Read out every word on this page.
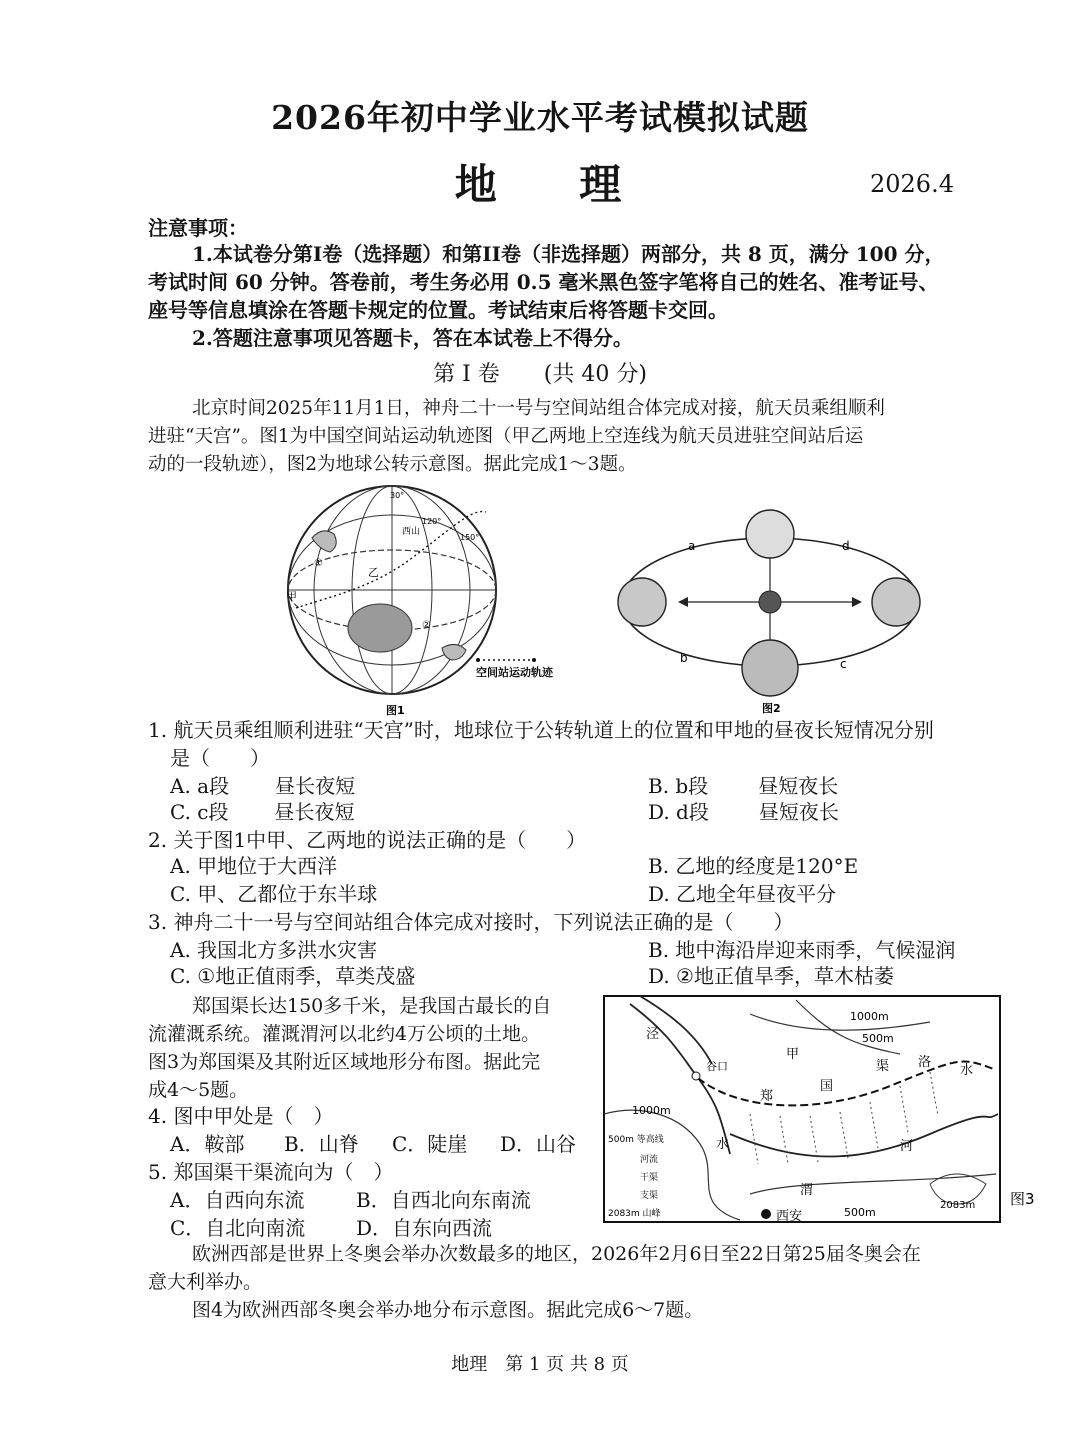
2026年初中学业水平考试模拟试题
地 理	2026.4
注意事项：
1.本试卷分第I卷（选择题）和第II卷（非选择题）两部分，共 8 页，满分 100 分，
考试时间 60 分钟。答卷前，考生务必用 0.5 毫米黑色签字笔将自己的姓名、准考证号、
座号等信息填涂在答题卡规定的位置。考试结束后将答题卡交回。
2.答题注意事项见答题卡，答在本试卷上不得分。
第 I 卷　　(共 40 分)
北京时间2025年11月1日，神舟二十一号与空间站组合体完成对接，航天员乘组顺利
进驻“天宫”。图1为中国空间站运动轨迹图（甲乙两地上空连线为航天员进驻空间站后运
动的一段轨迹），图2为地球公转示意图。据此完成1～3题。
甲
乙
①
②
西山
30°
120°
150°
空间站运动轨迹
图1
a
b	c
d
图2
1. 航天员乘组顺利进驻“天宫”时，地球位于公转轨道上的位置和甲地的昼夜长短情况分别
是（　　）
A. a段 昼长夜短	B. b段	昼短夜长
C. c段 昼长夜短	D. d段	昼短夜长
2. 关于图1中甲、乙两地的说法正确的是（　　）
A. 甲地位于大西洋	B. 乙地的经度是120°E
C. 甲、乙都位于东半球	D. 乙地全年昼夜平分
3. 神舟二十一号与空间站组合体完成对接时，下列说法正确的是（　　）
A. 我国北方多洪水灾害	B. 地中海沿岸迎来雨季，气候湿润
C. ①地正值雨季，草类茂盛	D. ②地正值旱季，草木枯萎
郑国渠长达150多千米，是我国古最长的自
流灌溉系统。灌溉渭河以北约4万公顷的土地。
图3为郑国渠及其附近区域地形分布图。据此完
成4～5题。
4. 图中甲处是（　）
A．鞍部 B．山脊 C．陡崖 D．山谷
5. 郑国渠干渠流向为（　）
A．自西向东流	B．自西北向东南流
C．自北向南流	D．自东向西流
1000m
500m
泾
谷口
甲
郑
国
渠 洛
水
1000m
水	河
渭
西安	500m
2083m
500m 等高线
河流
干渠
支渠
2083m 山峰
图3
欧洲西部是世界上冬奥会举办次数最多的地区，2026年2月6日至22日第25届冬奥会在
意大利举办。
图4为欧洲西部冬奥会举办地分布示意图。据此完成6～7题。
地理　第 1 页 共 8 页
